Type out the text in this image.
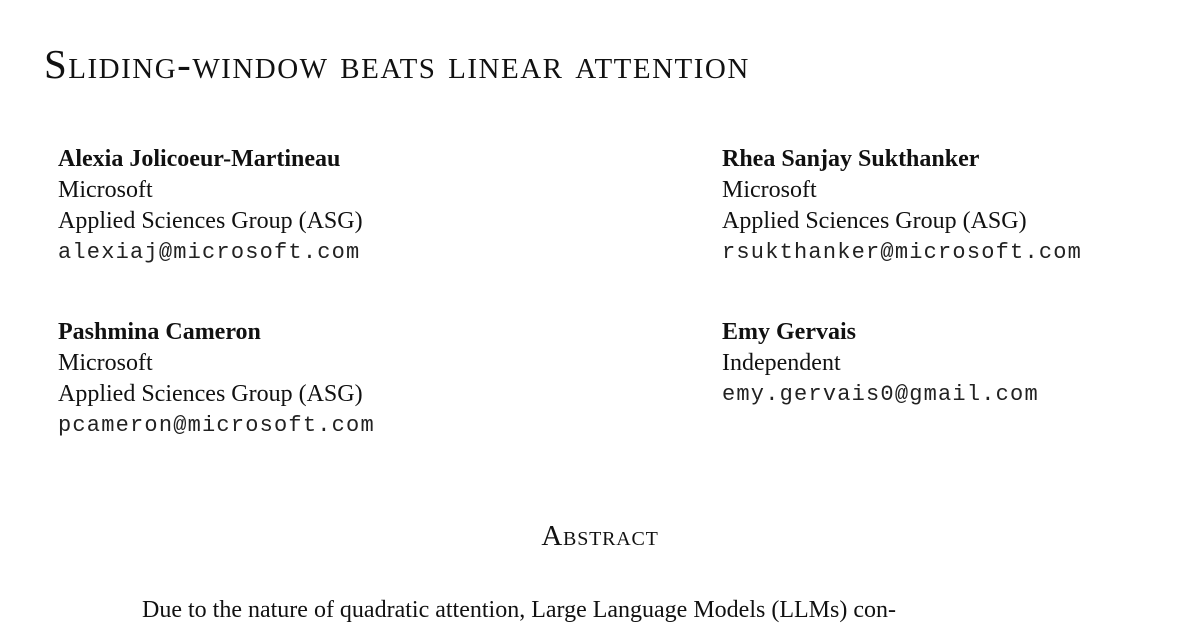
Sliding-window beats linear attention
Alexia Jolicoeur-Martineau
Microsoft
Applied Sciences Group (ASG)
alexiaj@microsoft.com
Rhea Sanjay Sukthanker
Microsoft
Applied Sciences Group (ASG)
rsukthanker@microsoft.com
Pashmina Cameron
Microsoft
Applied Sciences Group (ASG)
pcameron@microsoft.com
Emy Gervais
Independent
emy.gervais0@gmail.com
Abstract

Due to the nature of quadratic attention, Large Language Models (LLMs) con-
